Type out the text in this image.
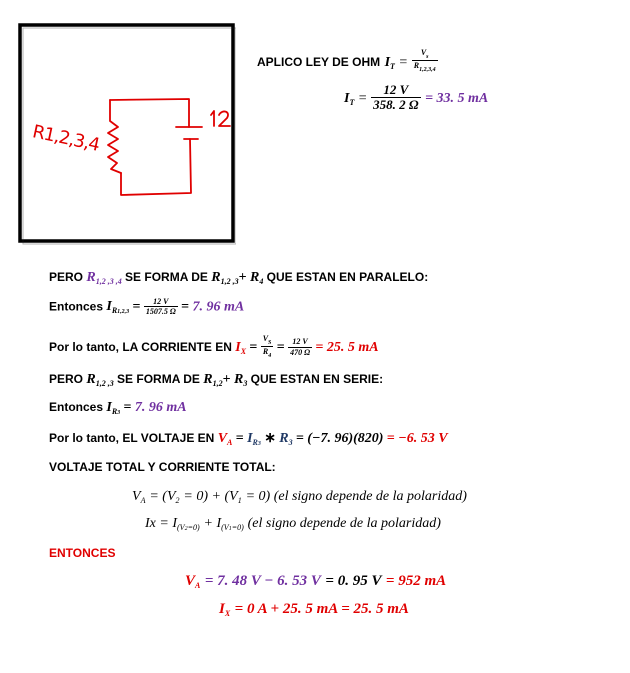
R1,2,3,4
APLICO LEY DE OHM $I_T = \frac{V_s}{R_{1,2,3,4}}$
$I_T = \frac{12 V}{358. 2 \Omega} = 33$. 5 mA
PERO $R_{1,2 ,3 ,4}$ SE FORMA DE $R_{1,2 ,3}+ R_4$ QUE ESTAN EN PARALELO:
Entonces $I_{R1,2,3} = \frac{12 V}{1507.5 \Omega} = 7$. 96 mA
Por lo tanto, LA CORRIENTE EN $I_X = \frac{V_S}{R_4} = \frac{12 V}{470 \Omega} = 25$. 5 mA
PERO $R_{1,2 ,3}$ SE FORMA DE $R_{1,2}+ R_3$ QUE ESTAN EN SERIE:
Entonces $I_{R3} = 7$. 96 mA
Por lo tanto, EL VOLTAJE EN $V_A = I_{R3}$ ∗ $R_3 = (-7$. 96)(820) = −6. 53 V
VOLTAJE TOTAL Y CORRIENTE TOTAL:
$V_A = (V_2 = 0) + (V_1 = 0)$ (el signo depende de la polaridad)
$Ix = I_{(V2=0)} + I_{(V1=0)}$ (el signo depende de la polaridad)
ENTONCES
$V_A = 7$. 48 V − 6. 53 V = 0. 95 V = 952 mA
$I_X = 0$ A + 25. 5 mA = 25. 5 mA
